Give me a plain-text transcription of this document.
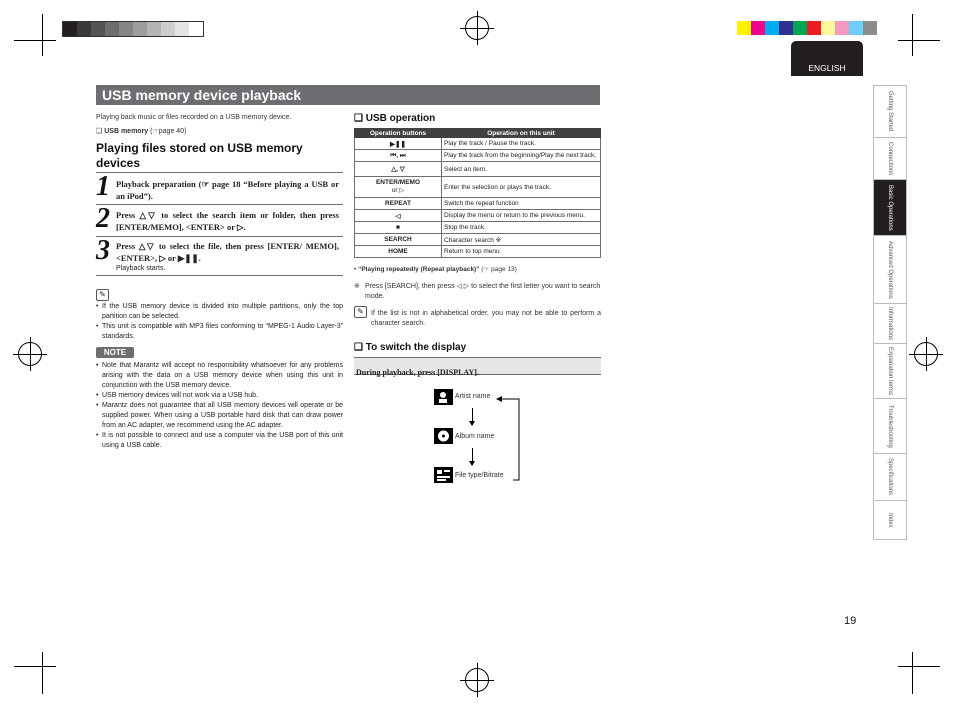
ENGLISH
USB memory device playback
Playing back music or files recorded on a USB memory device.
❑ USB memory (☞page 40)
Playing files stored on USB memory devices
1 Playback preparation (☞ page 18 “Before playing a USB or an iPod”).
2 Press △▽ to select the search item or folder, then press [ENTER/MEMO], <ENTER> or ▷.
3 Press △▽ to select the file, then press [ENTER/ MEMO], <ENTER>, ▷ or ▶❚❚.
Playback starts.
✎
• If the USB memory device is divided into multiple partitions, only the top partition can be selected.
• This unit is compatible with MP3 files conforming to “MPEG-1 Audio Layer-3” standards.
NOTE
• Note that Marantz will accept no responsibility whatsoever for any problems arising with the data on a USB memory device when using this unit in conjunction with the USB memory device.
• USB memory devices will not work via a USB hub.
• Marantz does not guarantee that all USB memory devices will operate or be supplied power. When using a USB portable hard disk that can draw power from an AC adapter, we recommend using the AC adapter.
• It is not possible to connect and use a computer via the USB port of this unit using a USB cable.
❑ USB operation
Operation buttons	Operation on this unit
▶❚❚	Play the track / Pause the track.
⏮, ⏭	Play the track from the beginning/Play the next track.
△, ▽	Select an item.
ENTER/MEMO
or ▷	Enter the selection or plays the track.
REPEAT	Switch the repeat function
◁	Display the menu or return to the previous menu.
■	Stop the track.
SEARCH	Character search ※
HOME	Return to top menu
• “Playing repeatedly (Repeat playback)” (☞ page 13)
※ Press [SEARCH], then press ◁ ▷ to select the first letter you want to search mode.
✎	If the list is not in alphabetical order, you may not be able to perform a character search.
❑ To switch the display
During playback, press [DISPLAY].
Artist name
Album name
File type/Bitrate
Getting Started
Connections
Basic Operations
Advanced Operations
Informations
Explanation terms
Troubleshooting
Specifications
Index
19
